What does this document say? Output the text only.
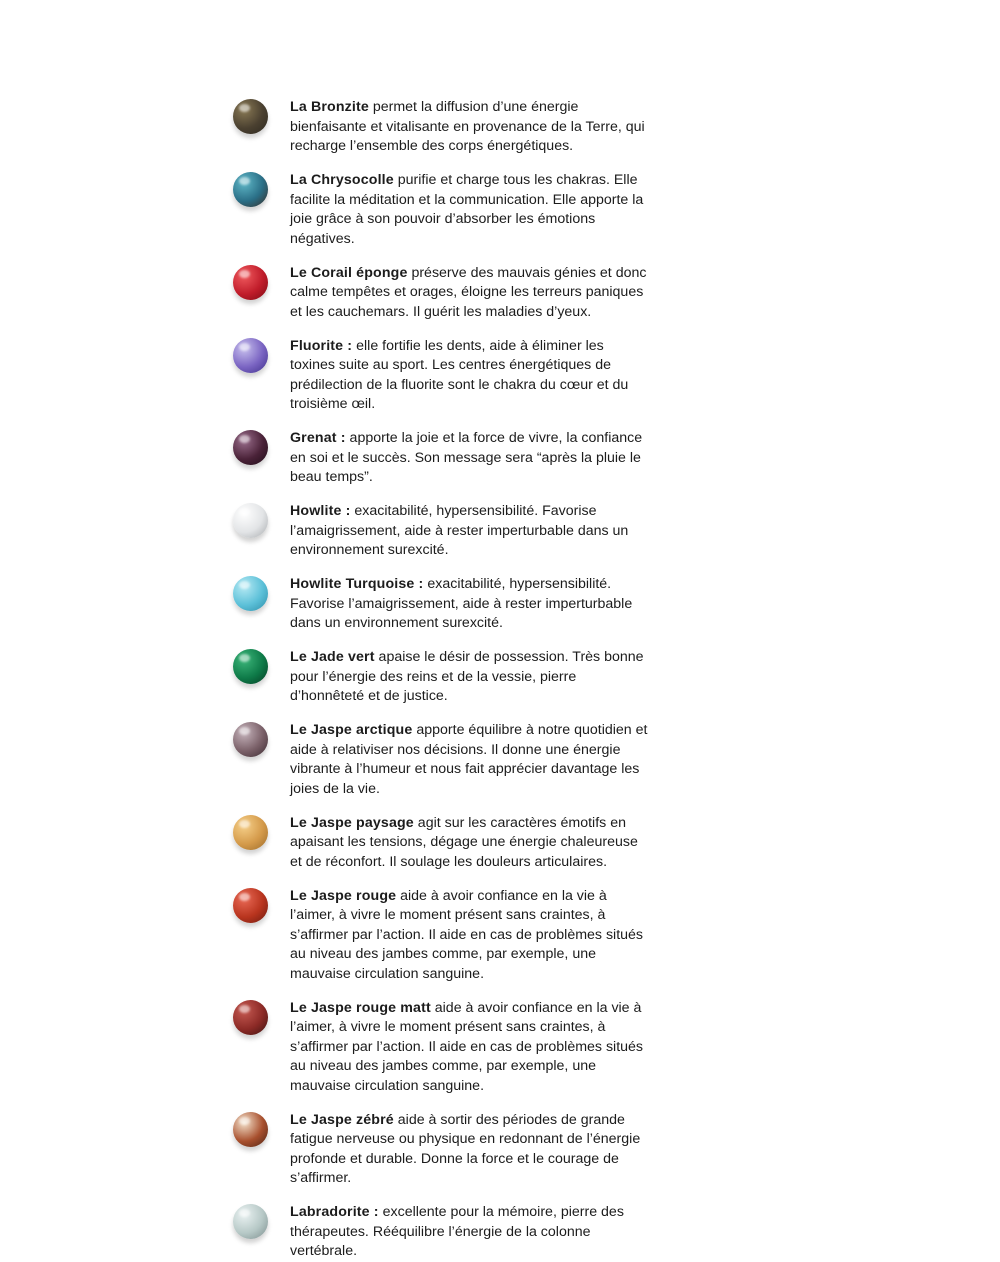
La Bronzite permet la diffusion d’une énergie bienfaisante et vitalisante en provenance de la Terre, qui recharge l’ensemble des corps énergétiques.

La Chrysocolle purifie et charge tous les chakras. Elle facilite la méditation et la communication. Elle apporte la joie grâce à son pouvoir d’absorber les émotions négatives.

Le Corail éponge préserve des mauvais génies et donc calme tempêtes et orages, éloigne les terreurs paniques et les cauchemars. Il guérit les maladies d’yeux.

Fluorite : elle fortifie les dents, aide à éliminer les toxines suite au sport. Les centres énergétiques de prédilection de la fluorite sont le chakra du cœur et du troisième œil.

Grenat : apporte la joie et la force de vivre, la confiance en soi et le succès. Son message sera “après la pluie le beau temps”.

Howlite : exacitabilité, hypersensibilité. Favorise l’amaigrissement, aide à rester imperturbable dans un environnement surexcité.

Howlite Turquoise : exacitabilité, hypersensibilité. Favorise l’amaigrissement, aide à rester imperturbable dans un environnement surexcité.

Le Jade vert apaise le désir de possession. Très bonne pour l’énergie des reins et de la vessie, pierre d’honnêteté et de justice.

Le Jaspe arctique apporte équilibre à notre quotidien et aide à relativiser nos décisions. Il donne une énergie vibrante à l’humeur et nous fait apprécier davantage les joies de la vie.

Le Jaspe paysage agit sur les caractères émotifs en apaisant les tensions, dégage une énergie chaleureuse et de réconfort. Il soulage les douleurs articulaires.

Le Jaspe rouge aide à avoir confiance en la vie à l’aimer, à vivre le moment présent sans craintes, à s’affirmer par l’action. Il aide en cas de problèmes situés au niveau des jambes comme, par exemple, une mauvaise circulation sanguine.

Le Jaspe rouge matt aide à avoir confiance en la vie à l’aimer, à vivre le moment présent sans craintes, à s’affirmer par l’action. Il aide en cas de problèmes situés au niveau des jambes comme, par exemple, une mauvaise circulation sanguine.

Le Jaspe zébré aide à sortir des périodes de grande fatigue nerveuse ou physique en redonnant de l’énergie profonde et durable. Donne la force et le courage de s’affirmer.

Labradorite : excellente pour la mémoire, pierre des thérapeutes. Rééquilibre l’énergie de la colonne vertébrale.
